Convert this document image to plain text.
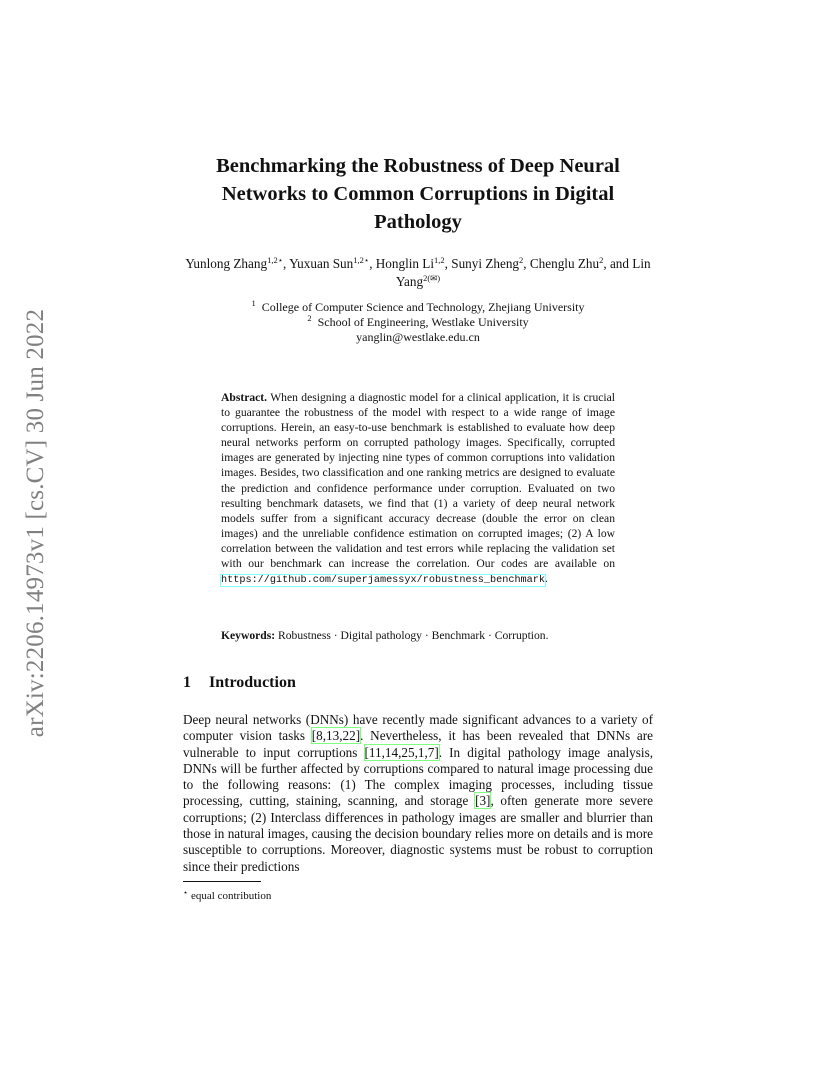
arXiv:2206.14973v1 [cs.CV] 30 Jun 2022
Benchmarking the Robustness of Deep Neural Networks to Common Corruptions in Digital Pathology
Yunlong Zhang$^{1,2⋆}$, Yuxuan Sun$^{1,2⋆}$, Honglin Li$^{1,2}$, Sunyi Zheng$^2$, Chenglu Zhu$^2$, and Lin Yang$^{2(✉)}$
$^1$ College of Computer Science and Technology, Zhejiang University
$^2$ School of Engineering, Westlake University
yanglin@westlake.edu.cn
Abstract. When designing a diagnostic model for a clinical application, it is crucial to guarantee the robustness of the model with respect to a wide range of image corruptions. Herein, an easy-to-use benchmark is established to evaluate how deep neural networks perform on corrupted pathology images. Specifically, corrupted images are generated by injecting nine types of common corruptions into validation images. Besides, two classification and one ranking metrics are designed to evaluate the prediction and confidence performance under corruption. Evaluated on two resulting benchmark datasets, we find that (1) a variety of deep neural network models suffer from a significant accuracy decrease (double the error on clean images) and the unreliable confidence estimation on corrupted images; (2) A low correlation between the validation and test errors while replacing the validation set with our benchmark can increase the correlation. Our codes are available on https://github.com/superjamessyx/robustness_benchmark.
Keywords: Robustness · Digital pathology · Benchmark · Corruption.
1 Introduction
Deep neural networks (DNNs) have recently made significant advances to a variety of computer vision tasks [8,13,22]. Nevertheless, it has been revealed that DNNs are vulnerable to input corruptions [11,14,25,1,7]. In digital pathology image analysis, DNNs will be further affected by corruptions compared to natural image processing due to the following reasons: (1) The complex imaging processes, including tissue processing, cutting, staining, scanning, and storage [3], often generate more severe corruptions; (2) Interclass differences in pathology images are smaller and blurrier than those in natural images, causing the decision boundary relies more on details and is more susceptible to corruptions. Moreover, diagnostic systems must be robust to corruption since their predictions
⋆ equal contribution
